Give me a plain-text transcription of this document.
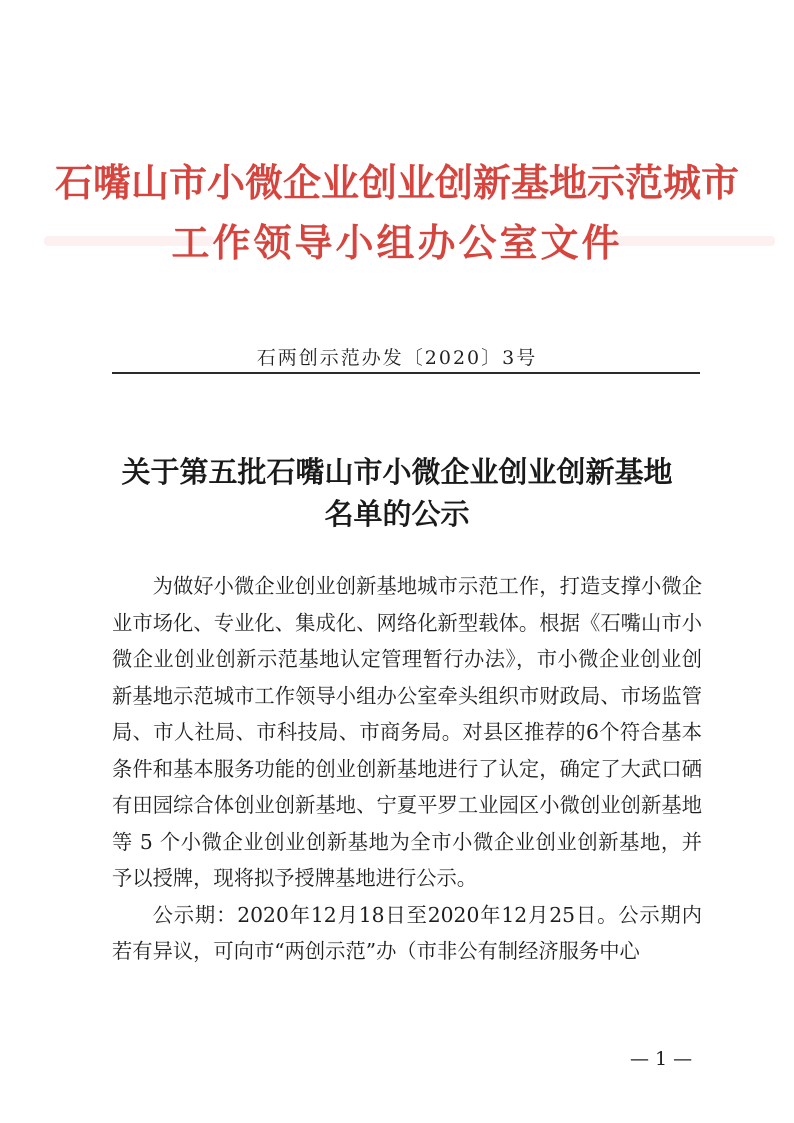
石嘴山市小微企业创业创新基地示范城市
工作领导小组办公室文件
石两创示范办发〔2020〕3号
关于第五批石嘴山市小微企业创业创新基地
名单的公示

为做好小微企业创业创新基地城市示范工作，打造支撑小微企业市场化、专业化、集成化、网络化新型载体。根据《石嘴山市小微企业创业创新示范基地认定管理暂行办法》，市小微企业创业创新基地示范城市工作领导小组办公室牵头组织市财政局、市场监管局、市人社局、市科技局、市商务局。对县区推荐的6个符合基本条件和基本服务功能的创业创新基地进行了认定，确定了大武口硒有田园综合体创业创新基地、宁夏平罗工业园区小微创业创新基地等 5 个小微企业创业创新基地为全市小微企业创业创新基地，并予以授牌，现将拟予授牌基地进行公示。

公示期：2020年12月18日至2020年12月25日。公示期内若有异议，可向市“两创示范”办（市非公有制经济服务中心

— 1 —
